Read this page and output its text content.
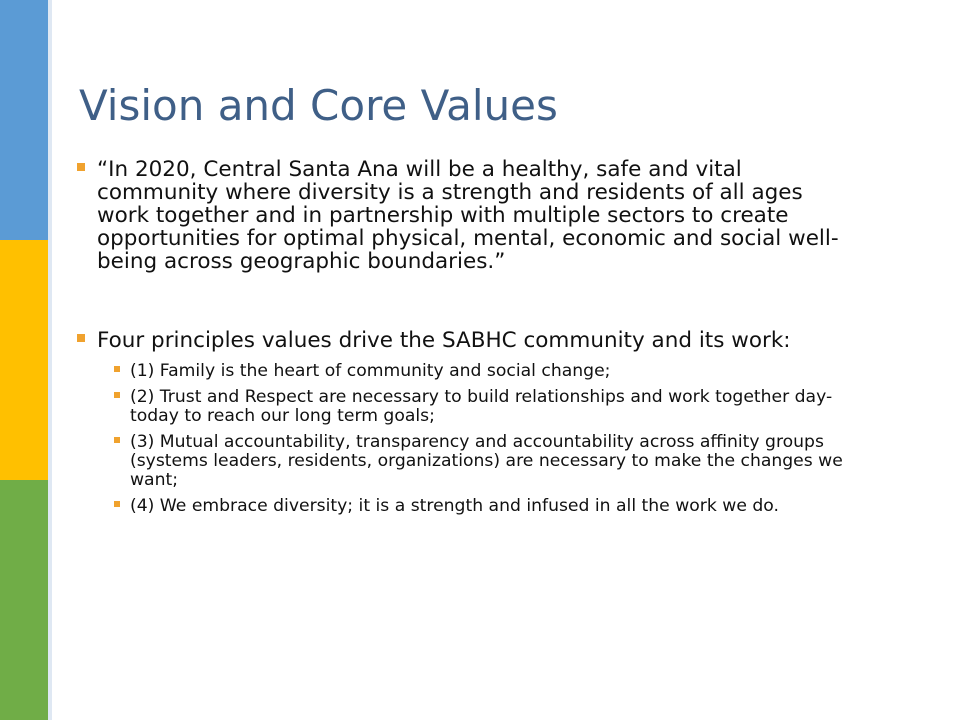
Vision and Core Values
“In 2020, Central Santa Ana will be a healthy, safe and vital community where diversity is a strength and residents of all ages work together and in partnership with multiple sectors to create opportunities for optimal physical, mental, economic and social well-being across geographic boundaries.”
Four principles values drive the SABHC community and its work:
(1) Family is the heart of community and social change;
(2) Trust and Respect are necessary to build relationships and work together day-today to reach our long term goals;
(3) Mutual accountability, transparency and accountability across affinity groups (systems leaders, residents, organizations) are necessary to make the changes we want;
(4) We embrace diversity; it is a strength and infused in all the work we do.
